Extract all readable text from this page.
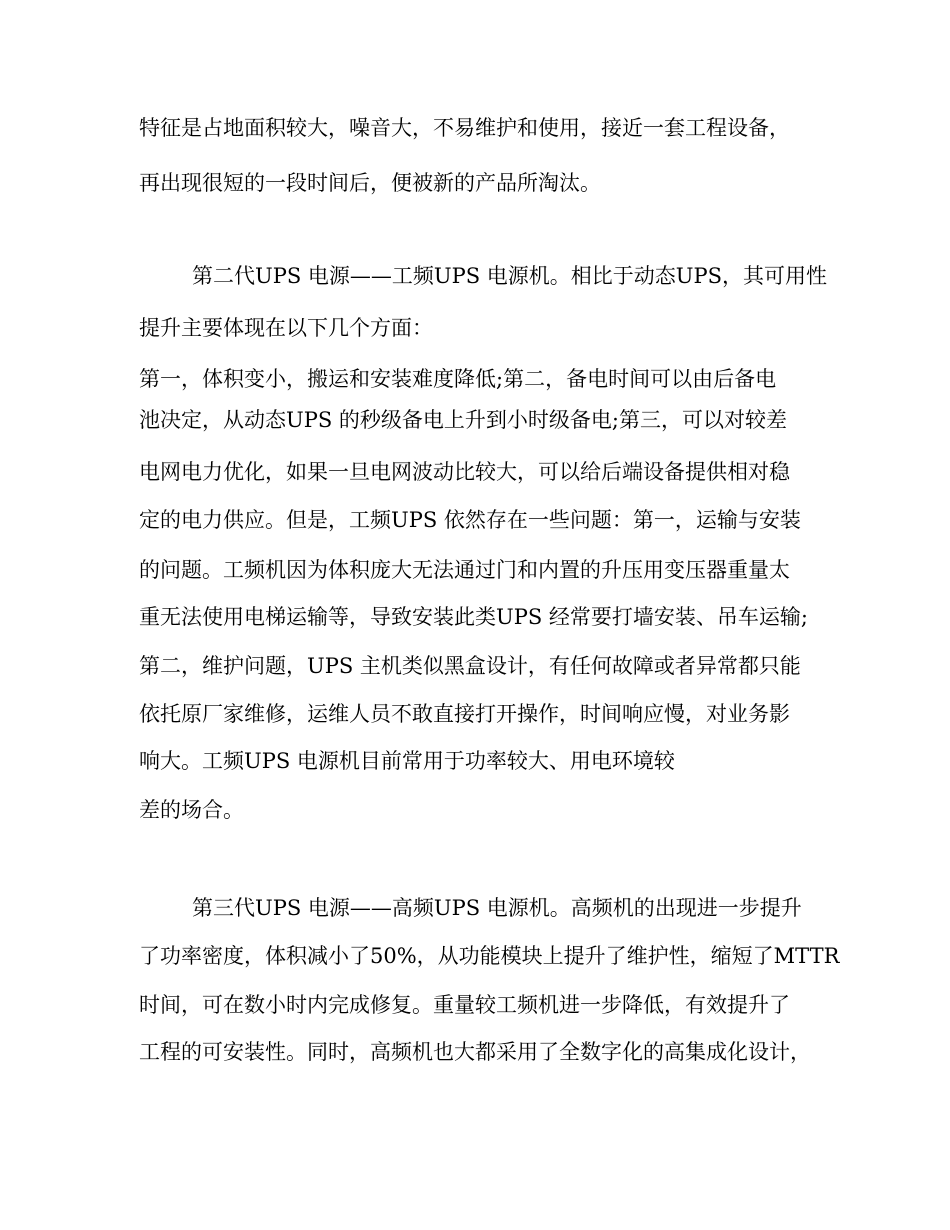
特征是占地面积较大，噪音大，不易维护和使用，接近一套工程设备，
再出现很短的一段时间后，便被新的产品所淘汰。
第二代UPS 电源——工频UPS 电源机。相比于动态UPS，其可用性
提升主要体现在以下几个方面：
第一，体积变小，搬运和安装难度降低;第二，备电时间可以由后备电
池决定，从动态UPS 的秒级备电上升到小时级备电;第三，可以对较差
电网电力优化，如果一旦电网波动比较大，可以给后端设备提供相对稳
定的电力供应。但是，工频UPS 依然存在一些问题：第一，运输与安装
的问题。工频机因为体积庞大无法通过门和内置的升压用变压器重量太
重无法使用电梯运输等，导致安装此类UPS 经常要打墙安装、吊车运输;
第二，维护问题，UPS 主机类似黑盒设计，有任何故障或者异常都只能
依托原厂家维修，运维人员不敢直接打开操作，时间响应慢，对业务影
响大。工频UPS 电源机目前常用于功率较大、用电环境较
差的场合。
第三代UPS 电源——高频UPS 电源机。高频机的出现进一步提升
了功率密度，体积减小了50%，从功能模块上提升了维护性，缩短了MTTR
时间，可在数小时内完成修复。重量较工频机进一步降低，有效提升了
工程的可安装性。同时，高频机也大都采用了全数字化的高集成化设计，
